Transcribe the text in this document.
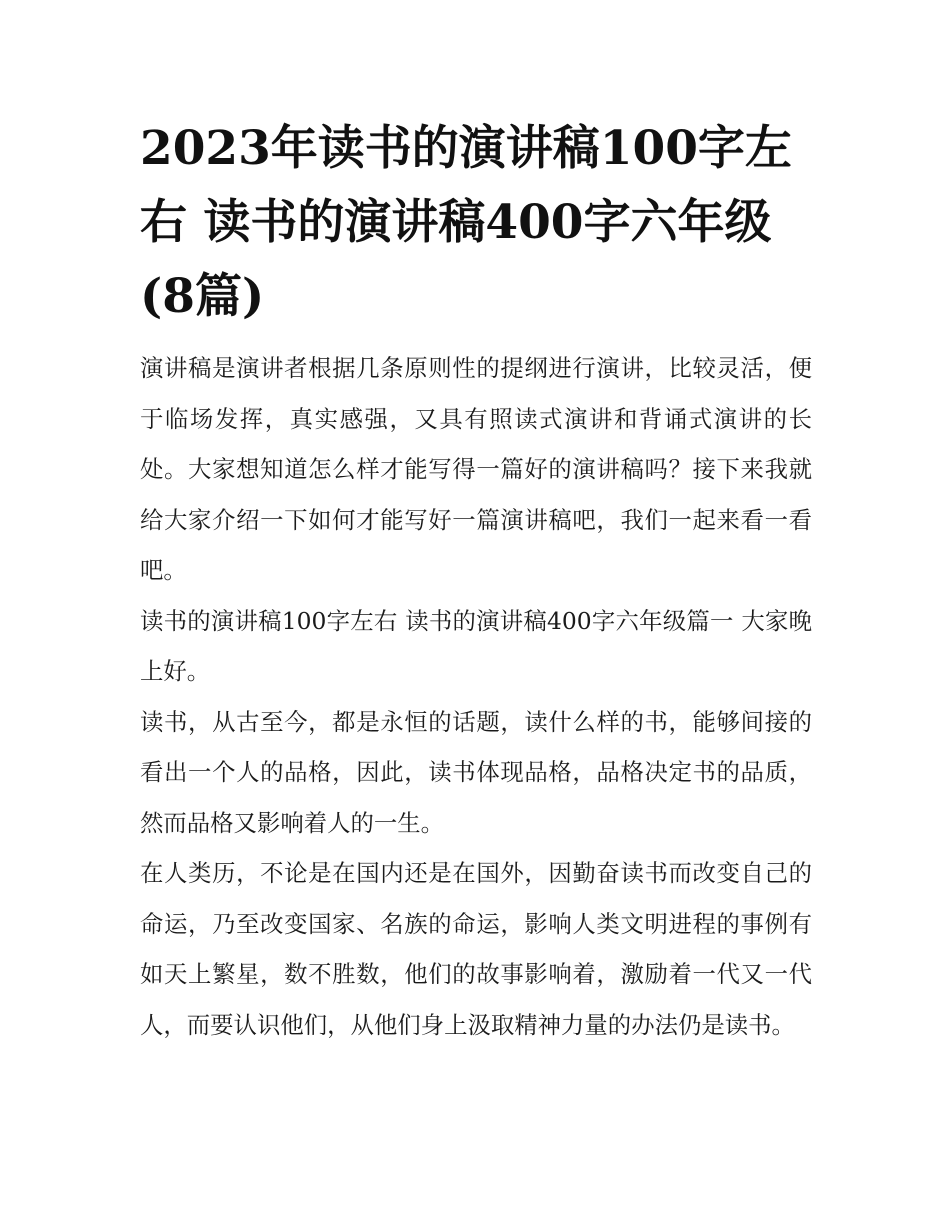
2023年读书的演讲稿100字左右 读书的演讲稿400字六年级(8篇)

演讲稿是演讲者根据几条原则性的提纲进行演讲，比较灵活，便于临场发挥，真实感强，又具有照读式演讲和背诵式演讲的长处。大家想知道怎么样才能写得一篇好的演讲稿吗？接下来我就给大家介绍一下如何才能写好一篇演讲稿吧，我们一起来看一看吧。

读书的演讲稿100字左右 读书的演讲稿400字六年级篇一 大家晚上好。

读书，从古至今，都是永恒的话题，读什么样的书，能够间接的看出一个人的品格，因此，读书体现品格，品格决定书的品质，然而品格又影响着人的一生。

在人类历，不论是在国内还是在国外，因勤奋读书而改变自己的命运，乃至改变国家、名族的命运，影响人类文明进程的事例有如天上繁星，数不胜数，他们的故事影响着，激励着一代又一代人，而要认识他们，从他们身上汲取精神力量的办法仍是读书。
